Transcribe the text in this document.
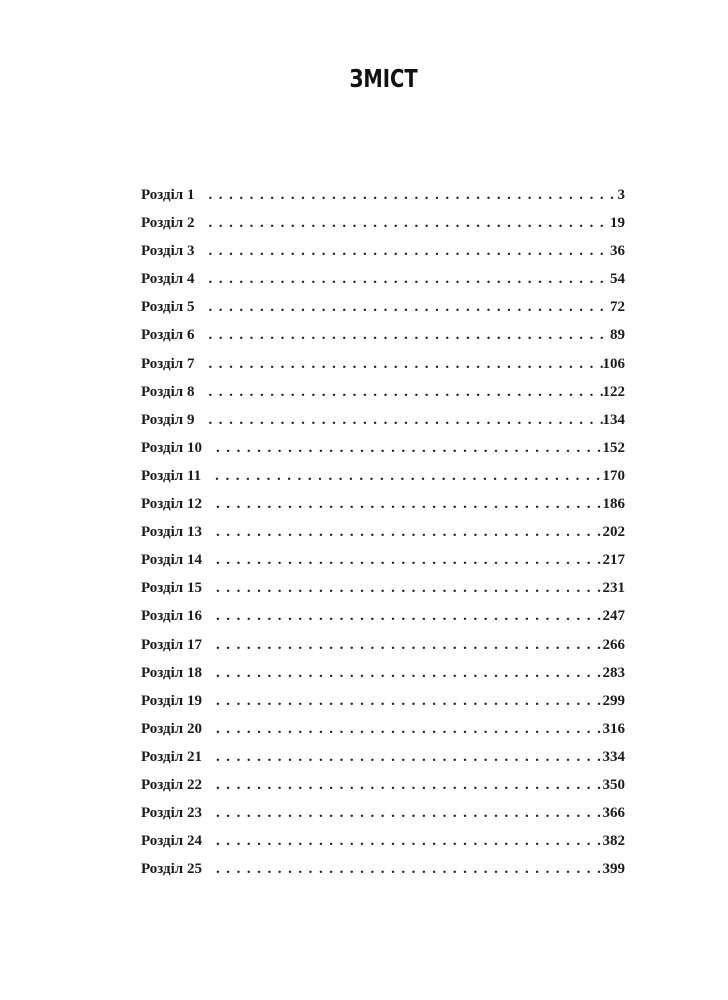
ЗМІСТ
Розділ 1 . . .	3
Розділ 2 . . .	19
Розділ 3 . . .	36
Розділ 4 . . .	54
Розділ 5 . . .	72
Розділ 6 . . .	89
Розділ 7 . . .	106
Розділ 8 . . .	122
Розділ 9 . . .	134
Розділ 10 . . .	152
Розділ 11 . . .	170
Розділ 12 . . .	186
Розділ 13 . . .	202
Розділ 14 . . .	217
Розділ 15 . . .	231
Розділ 16 . . .	247
Розділ 17 . . .	266
Розділ 18 . . .	283
Розділ 19 . . .	299
Розділ 20 . . .	316
Розділ 21 . . .	334
Розділ 22 . . .	350
Розділ 23 . . .	366
Розділ 24 . . .	382
Розділ 25 . . .	399
